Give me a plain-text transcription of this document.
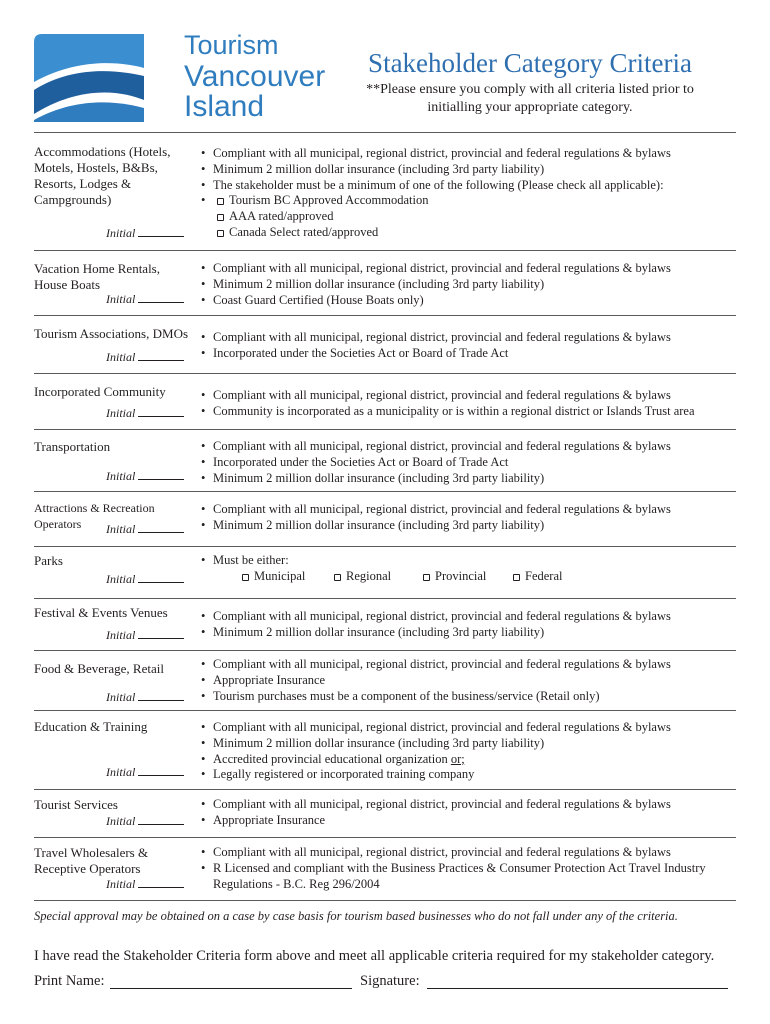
Tourism
Vancouver
Island
Stakeholder Category Criteria
**Please ensure you comply with all criteria listed prior to
initialling your appropriate category.
Accommodations (Hotels, Motels, Hostels, B&Bs, Resorts, Lodges & Campgrounds)
Initial
• Compliant with all municipal, regional district, provincial and federal regulations & bylaws
• Minimum 2 million dollar insurance (including 3rd party liability)
• The stakeholder must be a minimum of one of the following (Please check all applicable):
• Tourism BC Approved Accommodation
AAA rated/approved
Canada Select rated/approved
Vacation Home Rentals, House Boats
Initial
• Compliant with all municipal, regional district, provincial and federal regulations & bylaws
• Minimum 2 million dollar insurance (including 3rd party liability)
• Coast Guard Certified (House Boats only)
Tourism Associations, DMOs
Initial
• Compliant with all municipal, regional district, provincial and federal regulations & bylaws
• Incorporated under the Societies Act or Board of Trade Act
Incorporated Community
Initial
• Compliant with all municipal, regional district, provincial and federal regulations & bylaws
• Community is incorporated as a municipality or is within a regional district or Islands Trust area
Transportation
Initial
• Compliant with all municipal, regional district, provincial and federal regulations & bylaws
• Incorporated under the Societies Act or Board of Trade Act
• Minimum 2 million dollar insurance (including 3rd party liability)
Attractions & Recreation Operators	Initial
• Compliant with all municipal, regional district, provincial and federal regulations & bylaws
• Minimum 2 million dollar insurance (including 3rd party liability)
Parks
Initial
• Must be either:
Municipal	Regional	Provincial	Federal
Festival & Events Venues
Initial
• Compliant with all municipal, regional district, provincial and federal regulations & bylaws
• Minimum 2 million dollar insurance (including 3rd party liability)
Food & Beverage, Retail
Initial
• Compliant with all municipal, regional district, provincial and federal regulations & bylaws
• Appropriate Insurance
• Tourism purchases must be a component of the business/service (Retail only)
Education & Training
Initial
• Compliant with all municipal, regional district, provincial and federal regulations & bylaws
• Minimum 2 million dollar insurance (including 3rd party liability)
• Accredited provincial educational organization or;
• Legally registered or incorporated training company
Tourist Services
Initial
• Compliant with all municipal, regional district, provincial and federal regulations & bylaws
• Appropriate Insurance
Travel Wholesalers & Receptive Operators
Initial
• Compliant with all municipal, regional district, provincial and federal regulations & bylaws
• R Licensed and compliant with the Business Practices & Consumer Protection Act Travel Industry Regulations - B.C. Reg 296/2004
Special approval may be obtained on a case by case basis for tourism based businesses who do not fall under any of the criteria.
I have read the Stakeholder Criteria form above and meet all applicable criteria required for my stakeholder category.
Print Name:	Signature:
